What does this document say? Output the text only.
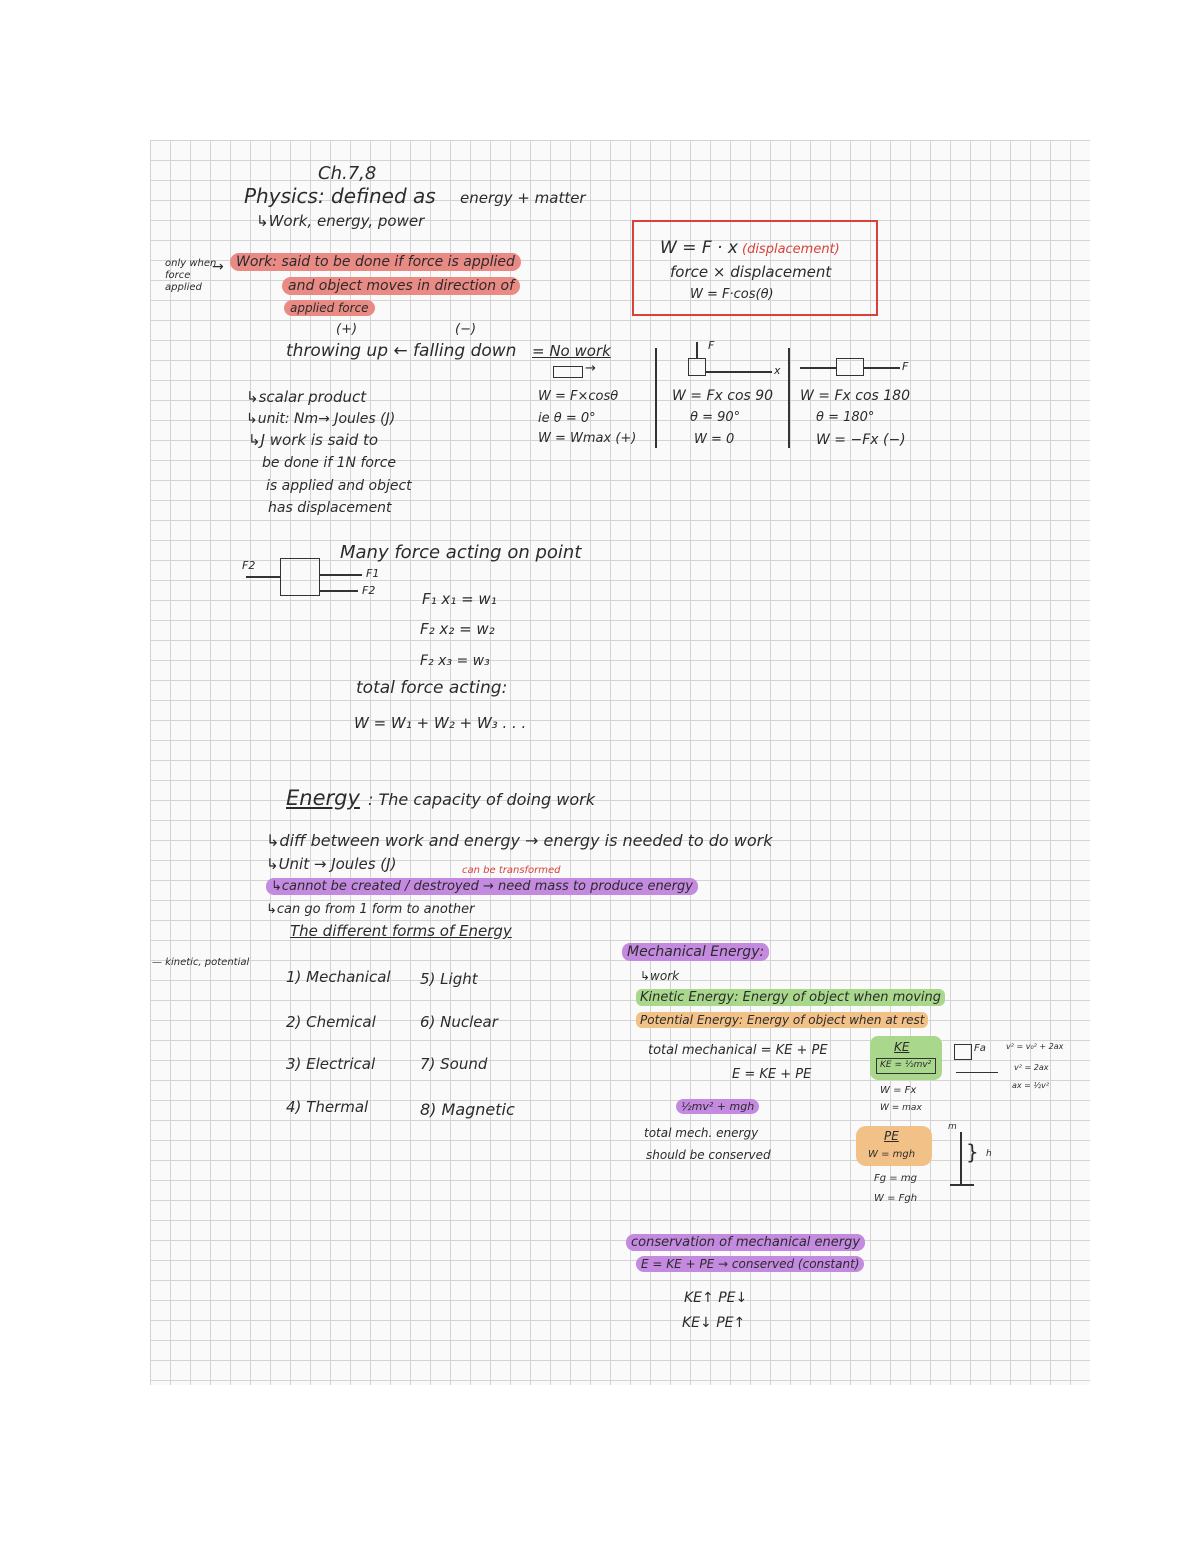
Ch.7,8
Physics: defined as energy + matter
↳Work, energy, power
W = F · x (displacement)
force × displacement
W = F·cos(θ)
only when force applied
→ Work: said to be done if force is applied
and object moves in direction of
applied force
(+)	(−)
throwing up ← falling down = No work
↳scalar product
↳unit: Nm→ Joules (J)
↳J work is said to
be done if 1N force
is applied and object
has displacement
→
W = F×cosθ
ie θ = 0°
W = Wmax (+)
F
x
W = Fx cos 90
θ = 90°
W = 0
F
W = Fx cos 180
θ = 180°
W = −Fx (−)
Many force acting on point
F2
F1
F2	F₁ x₁ = w₁
F₂ x₂ = w₂
F₂ x₃ = w₃
total force acting:
W = W₁ + W₂ + W₃ . . .
Energy : The capacity of doing work
↳diff between work and energy → energy is needed to do work
↳Unit → Joules (J)	can be transformed
↳cannot be created / destroyed → need mass to produce energy
↳can go from 1 form to another
The different forms of Energy
— kinetic, potential
1) Mechanical
2) Chemical
3) Electrical
4) Thermal
5) Light
6) Nuclear
7) Sound
8) Magnetic
Mechanical Energy:
↳work
Kinetic Energy: Energy of object when moving
Potential Energy: Energy of object when at rest
total mechanical = KE + PE
E = KE + PE
½mv² + mgh
total mech. energy
should be conserved
KE
KE = ½mv²
W = Fx
W = max
Fa	v² = v₀² + 2ax
v² = 2ax
ax = ½v²
PE
W = mgh
Fg = mg
W = Fgh
m
} h
conservation of mechanical energy
E = KE + PE → conserved (constant)
KE↑ PE↓
KE↓ PE↑
